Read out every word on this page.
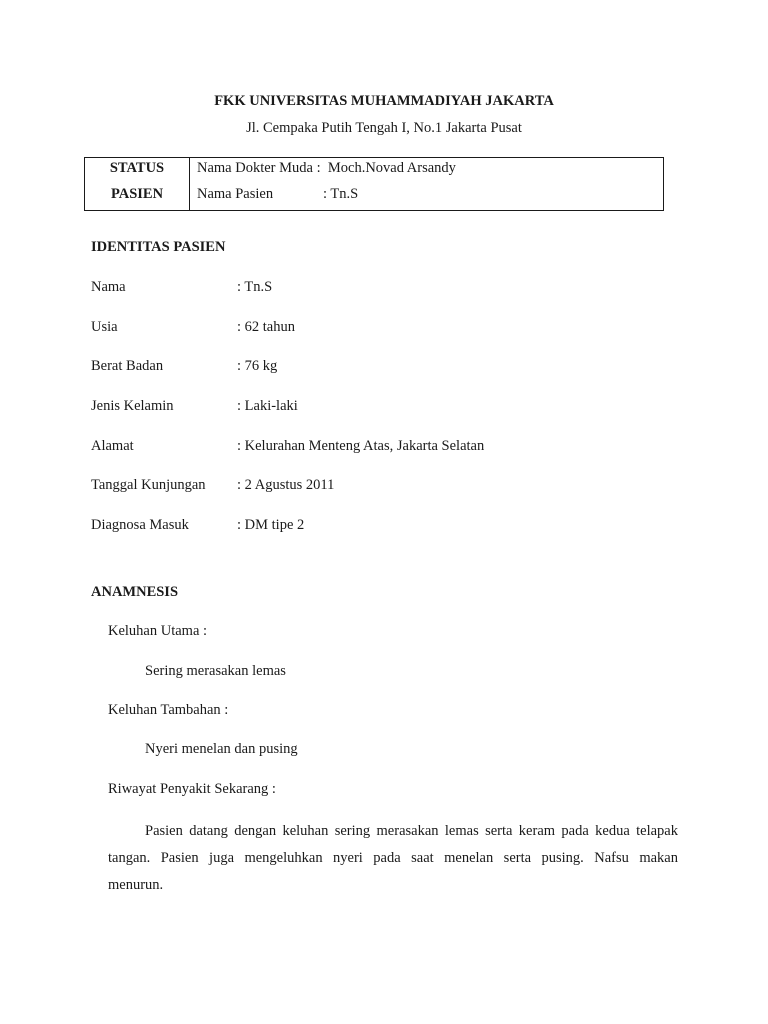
FKK UNIVERSITAS MUHAMMADIYAH JAKARTA
Jl. Cempaka Putih Tengah I, No.1 Jakarta Pusat
STATUS
PASIEN
Nama Dokter Muda :  Moch.Novad Arsandy
Nama Pasien	: Tn.S
IDENTITAS PASIEN
Nama	: Tn.S
Usia	: 62 tahun
Berat Badan	: 76 kg
Jenis Kelamin	: Laki-laki
Alamat	: Kelurahan Menteng Atas, Jakarta Selatan
Tanggal Kunjungan : 2 Agustus 2011
Diagnosa Masuk	: DM tipe 2
ANAMNESIS
Keluhan Utama :
Sering merasakan lemas
Keluhan Tambahan :
Nyeri menelan dan pusing
Riwayat Penyakit Sekarang :
Pasien datang dengan keluhan sering merasakan lemas serta keram pada kedua telapak
tangan. Pasien juga mengeluhkan nyeri pada saat menelan serta pusing. Nafsu makan
menurun.
